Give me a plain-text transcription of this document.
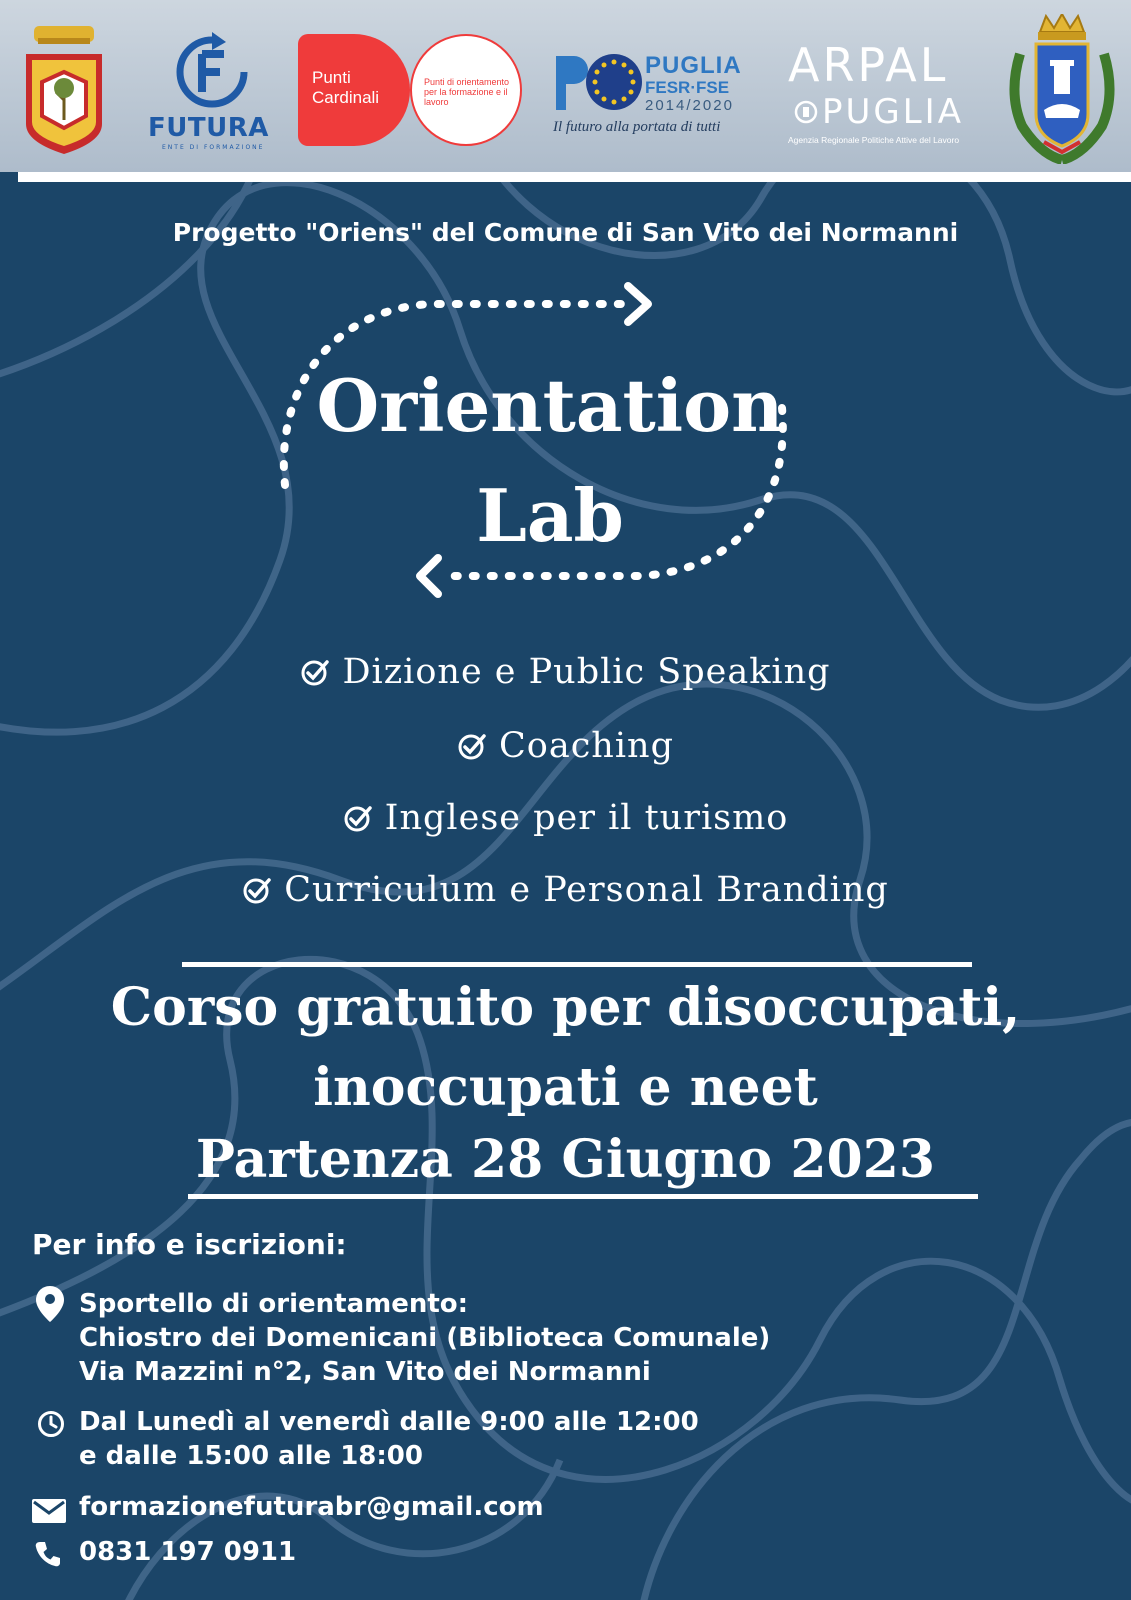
FUTURA
ENTE DI FORMAZIONE
Punti Cardinali
Punti di orientamento per la formazione e il lavoro
PUGLIA
FESR·FSE
2014/2020
Il futuro alla portata di tutti
ARPAL
PUGLIA
Agenzia Regionale Politiche Attive del Lavoro
Progetto "Oriens" del Comune di San Vito dei Normanni
Orientation
Lab
Dizione e Public Speaking
Coaching
Inglese per il turismo
Curriculum e Personal Branding
Corso gratuito per disoccupati,
inoccupati e neet
Partenza 28 Giugno 2023
Per info e iscrizioni:
Sportello di orientamento:
Chiostro dei Domenicani (Biblioteca Comunale)
Via Mazzini n°2, San Vito dei Normanni
Dal Lunedì al venerdì dalle 9:00 alle 12:00
e dalle 15:00 alle 18:00
formazionefuturabr@gmail.com
0831 197 0911
